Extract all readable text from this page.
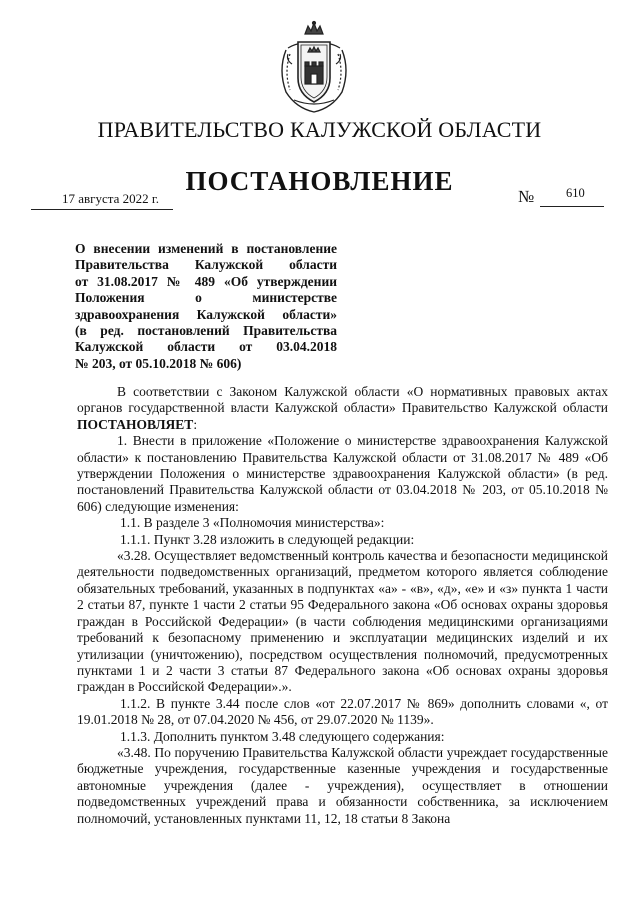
ПРАВИТЕЛЬСТВО КАЛУЖСКОЙ ОБЛАСТИ
ПОСТАНОВЛЕНИЕ
17 августа 2022 г.	№	610
О внесении изменений в постановление
Правительства Калужской области
от 31.08.2017 № 489 «Об утверждении
Положения о министерстве
здравоохранения Калужской области»
(в ред. постановлений Правительства
Калужской области от 03.04.2018

№ 203, от 05.10.2018 № 606)

В соответствии с Законом Калужской области «О нормативных правовых актах органов государственной власти Калужской области» Правительство Калужской области ПОСТАНОВЛЯЕТ:

1. Внести в приложение «Положение о министерстве здравоохранения Калужской области» к постановлению Правительства Калужской области от 31.08.2017 № 489 «Об утверждении Положения о министерстве здравоохранения Калужской области» (в ред. постановлений Правительства Калужской области от 03.04.2018 № 203, от 05.10.2018 № 606) следующие изменения:

1.1. В разделе 3 «Полномочия министерства»:

1.1.1. Пункт 3.28 изложить в следующей редакции:

«3.28. Осуществляет ведомственный контроль качества и безопасности медицинской деятельности подведомственных организаций, предметом которого является соблюдение обязательных требований, указанных в подпунктах «а» - «в», «д», «е» и «з» пункта 1 части 2 статьи 87, пункте 1 части 2 статьи 95 Федерального закона «Об основах охраны здоровья граждан в Российской Федерации» (в части соблюдения медицинскими организациями требований к безопасному применению и эксплуатации медицинских изделий и их утилизации (уничтожению), посредством осуществления полномочий, предусмотренных пунктами 1 и 2 части 3 статьи 87 Федерального закона «Об основах охраны здоровья граждан в Российской Федерации».».

1.1.2. В пункте 3.44 после слов «от 22.07.2017 № 869» дополнить словами «, от 19.01.2018 № 28, от 07.04.2020 № 456, от 29.07.2020 № 1139».

1.1.3. Дополнить пунктом 3.48 следующего содержания:

«3.48. По поручению Правительства Калужской области учреждает государственные бюджетные учреждения, государственные казенные учреждения и государственные автономные учреждения (далее - учреждения), осуществляет в отношении подведомственных учреждений права и обязанности собственника, за исключением полномочий, установленных пунктами 11, 12, 18 статьи 8 Закона
